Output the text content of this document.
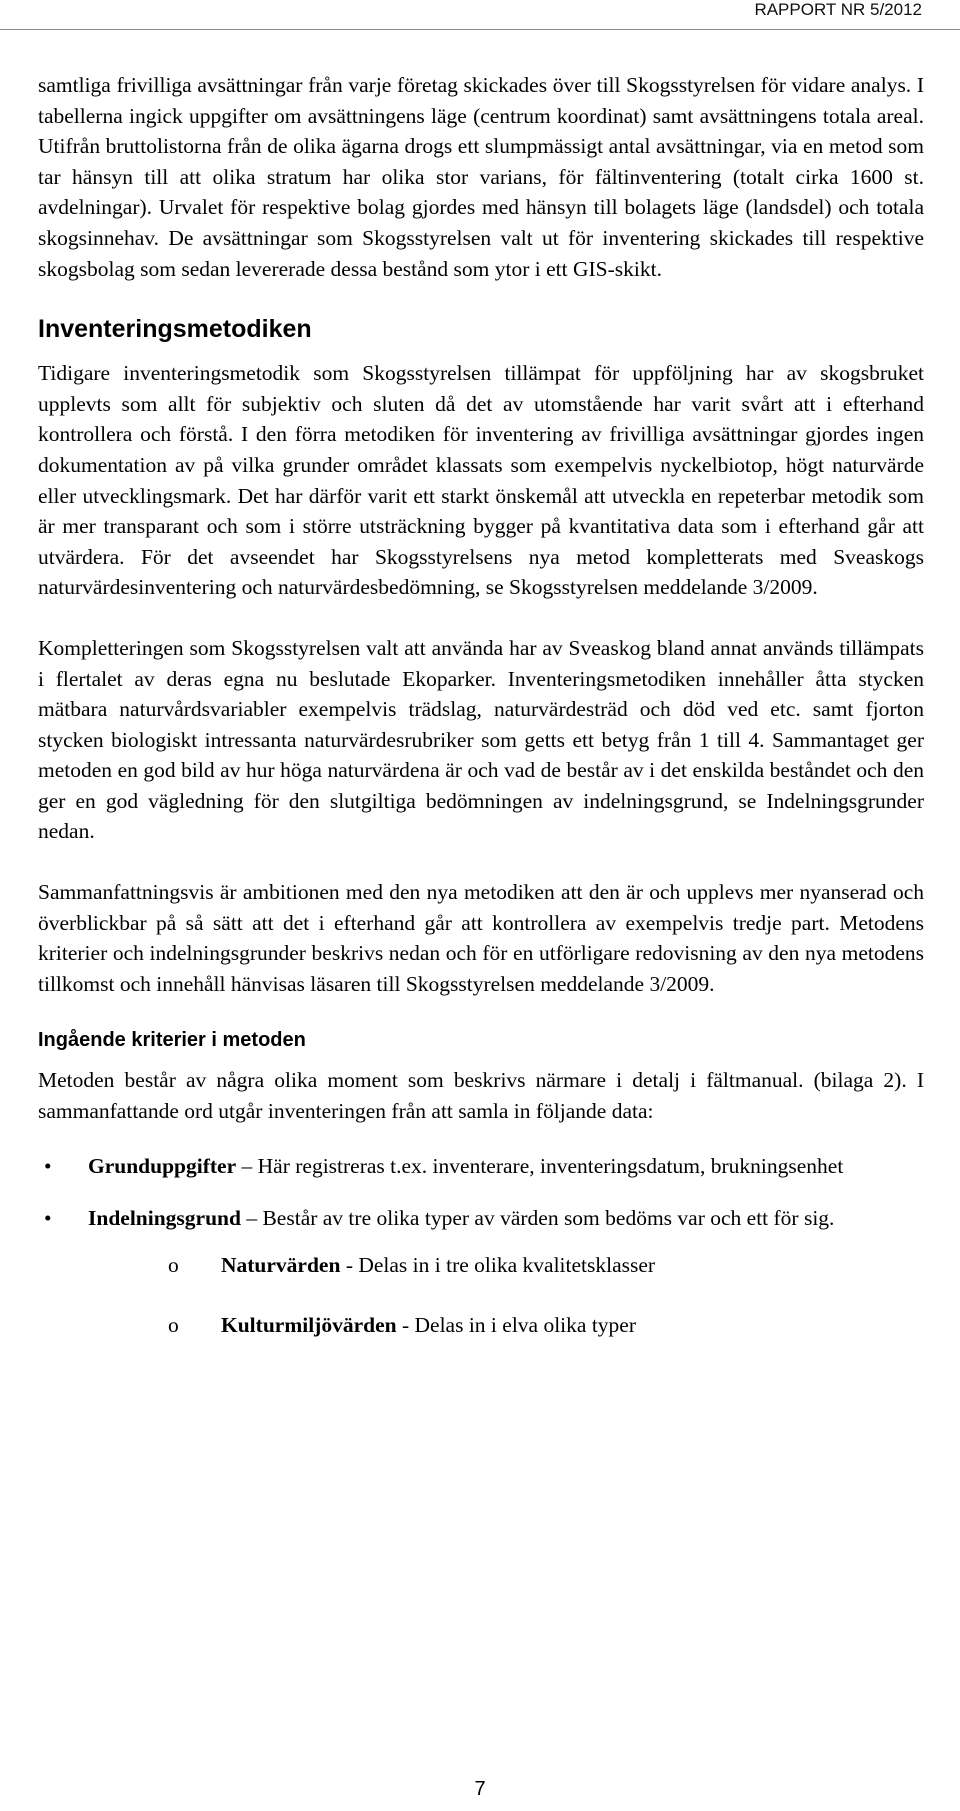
RAPPORT NR 5/2012

samtliga frivilliga avsättningar från varje företag skickades över till Skogsstyrelsen för vidare analys. I tabellerna ingick uppgifter om avsättningens läge (centrum koordinat) samt avsättningens totala areal. Utifrån bruttolistorna från de olika ägarna drogs ett slumpmässigt antal avsättningar, via en metod som tar hänsyn till att olika stratum har olika stor varians, för fältinventering (totalt cirka 1600 st. avdelningar). Urvalet för respektive bolag gjordes med hänsyn till bolagets läge (landsdel) och totala skogsinnehav. De avsättningar som Skogsstyrelsen valt ut för inventering skickades till respektive skogsbolag som sedan levererade dessa bestånd som ytor i ett GIS-skikt.

Inventeringsmetodiken

Tidigare inventeringsmetodik som Skogsstyrelsen tillämpat för uppföljning har av skogsbruket upplevts som allt för subjektiv och sluten då det av utomstående har varit svårt att i efterhand kontrollera och förstå. I den förra metodiken för inventering av frivilliga avsättningar gjordes ingen dokumentation av på vilka grunder området klassats som exempelvis nyckelbiotop, högt naturvärde eller utvecklingsmark. Det har därför varit ett starkt önskemål att utveckla en repeterbar metodik som är mer transparant och som i större utsträckning bygger på kvantitativa data som i efterhand går att utvärdera. För det avseendet har Skogsstyrelsens nya metod kompletterats med Sveaskogs naturvärdesinventering och naturvärdesbedömning, se Skogsstyrelsen meddelande 3/2009.

Kompletteringen som Skogsstyrelsen valt att använda har av Sveaskog bland annat används tillämpats i flertalet av deras egna nu beslutade Ekoparker. Inventeringsmetodiken innehåller åtta stycken mätbara naturvårdsvariabler exempelvis trädslag, naturvärdesträd och död ved etc. samt fjorton stycken biologiskt intressanta naturvärdesrubriker som getts ett betyg från 1 till 4. Sammantaget ger metoden en god bild av hur höga naturvärdena är och vad de består av i det enskilda beståndet och den ger en god vägledning för den slutgiltiga bedömningen av indelningsgrund, se Indelningsgrunder nedan.

Sammanfattningsvis är ambitionen med den nya metodiken att den är och upplevs mer nyanserad och överblickbar på så sätt att det i efterhand går att kontrollera av exempelvis tredje part. Metodens kriterier och indelningsgrunder beskrivs nedan och för en utförligare redovisning av den nya metodens tillkomst och innehåll hänvisas läsaren till Skogsstyrelsen meddelande 3/2009.

Ingående kriterier i metoden

Metoden består av några olika moment som beskrivs närmare i detalj i fältmanual. (bilaga 2). I sammanfattande ord utgår inventeringen från att samla in följande data:

• Grunduppgifter – Här registreras t.ex. inventerare, inventeringsdatum, brukningsenhet
• Indelningsgrund – Består av tre olika typer av värden som bedöms var och ett för sig.
o Naturvärden - Delas in i tre olika kvalitetsklasser
o Kulturmiljövärden - Delas in i elva olika typer
7
